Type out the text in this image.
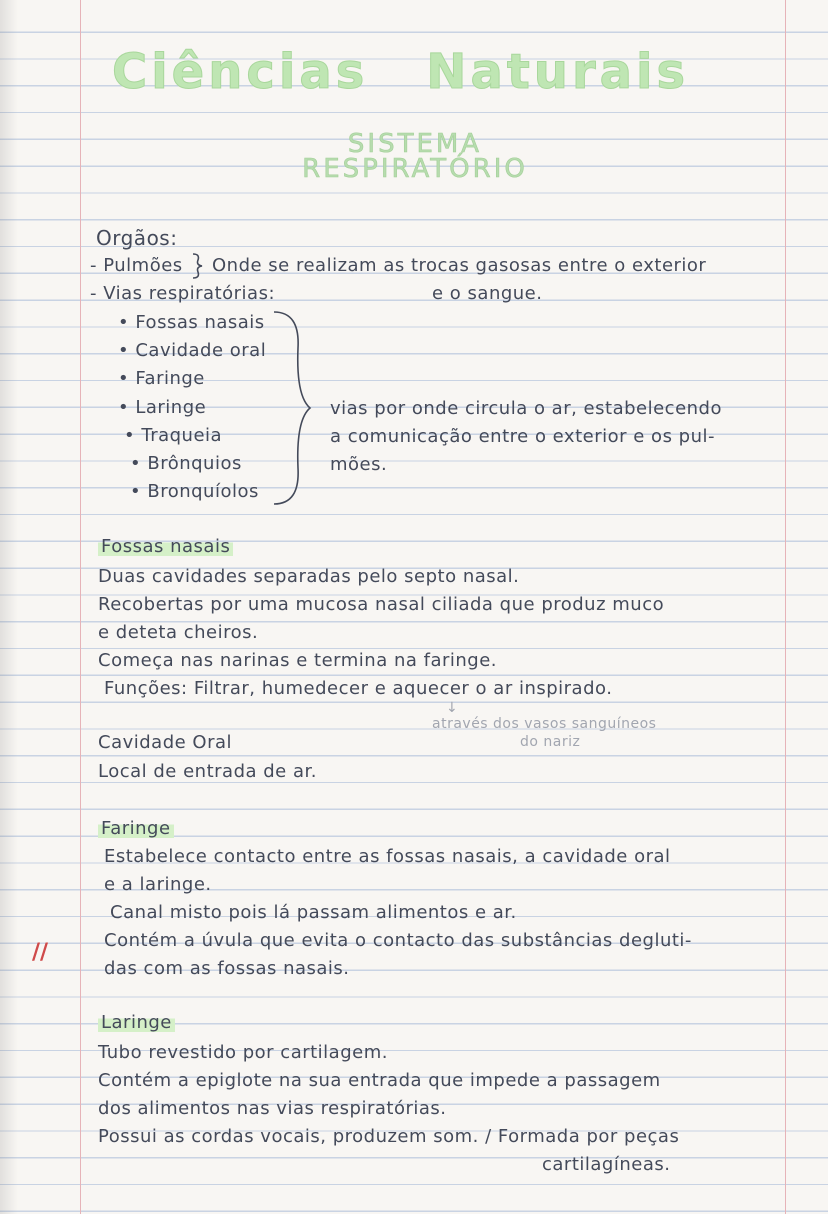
Ciências Naturais
SISTEMA
RESPIRATÓRIO
Orgãos:
- Pulmões Onde se realizam as trocas gasosas entre o exterior
- Vias respiratórias:	e o sangue.
• Fossas nasais
• Cavidade oral
• Faringe
• Laringe
• Traqueia
• Brônquios
• Bronquíolos
vias por onde circula o ar, estabelecendo
a comunicação entre o exterior e os pul-
mões.
Fossas nasais
Duas cavidades separadas pelo septo nasal.
Recobertas por uma mucosa nasal ciliada que produz muco
e deteta cheiros.
Começa nas narinas e termina na faringe.
Funções: Filtrar, humedecer e aquecer o ar inspirado.
↓
através dos vasos sanguíneos
do nariz
Cavidade Oral
Local de entrada de ar.
Faringe
Estabelece contacto entre as fossas nasais, a cavidade oral
e a laringe.
Canal misto pois lá passam alimentos e ar.
Contém a úvula que evita o contacto das substâncias degluti-
das com as fossas nasais.
//
Laringe
Tubo revestido por cartilagem.
Contém a epiglote na sua entrada que impede a passagem
dos alimentos nas vias respiratórias.
Possui as cordas vocais, produzem som. / Formada por peças
cartilagíneas.
